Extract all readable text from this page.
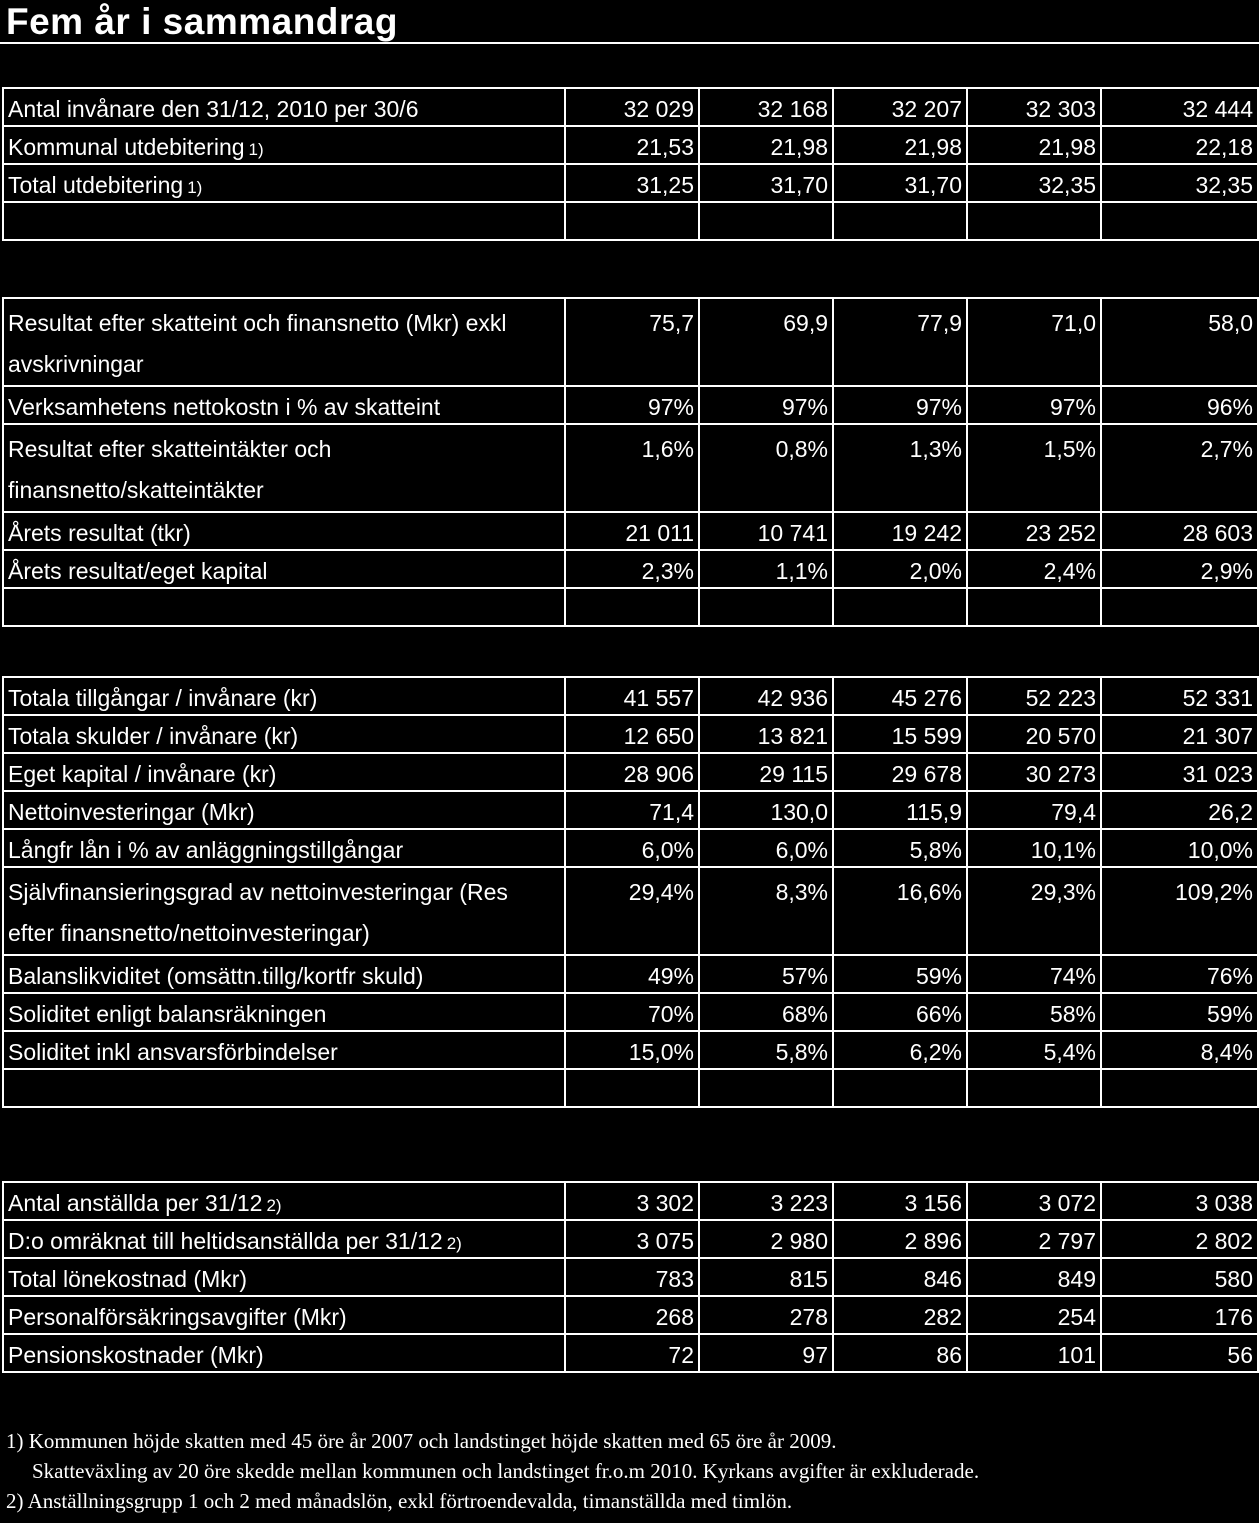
Fem år i sammandrag
Antal invånare den 31/12, 2010 per 30/6	32 029	32 168	32 207	32 303	32 444
Kommunal utdebitering 1)	21,53	21,98	21,98	21,98	22,18
Total utdebitering 1)	31,25	31,70	31,70	32,35	32,35

Resultat efter skatteint och finansnetto (Mkr) exkl avskrivningar	75,7	69,9	77,9	71,0	58,0
Verksamhetens nettokostn i % av skatteint	97%	97%	97%	97%	96%
Resultat efter skatteintäkter och finansnetto/skatteintäkter	1,6%	0,8%	1,3%	1,5%	2,7%
Årets resultat (tkr)	21 011	10 741	19 242	23 252	28 603
Årets resultat/eget kapital	2,3%	1,1%	2,0%	2,4%	2,9%

Totala tillgångar / invånare (kr)	41 557	42 936	45 276	52 223	52 331
Totala skulder / invånare (kr)	12 650	13 821	15 599	20 570	21 307
Eget kapital / invånare (kr)	28 906	29 115	29 678	30 273	31 023
Nettoinvesteringar (Mkr)	71,4	130,0	115,9	79,4	26,2
Långfr lån i % av anläggningstillgångar	6,0%	6,0%	5,8%	10,1%	10,0%
Självfinansieringsgrad av nettoinvesteringar (Res efter finansnetto/nettoinvesteringar)	29,4%	8,3%	16,6%	29,3%	109,2%
Balanslikviditet (omsättn.tillg/kortfr skuld)	49%	57%	59%	74%	76%
Soliditet enligt balansräkningen	70%	68%	66%	58%	59%
Soliditet inkl ansvarsförbindelser	15,0%	5,8%	6,2%	5,4%	8,4%

Antal anställda per 31/12 2)	3 302	3 223	3 156	3 072	3 038
D:o omräknat till heltidsanställda per 31/12 2)	3 075	2 980	2 896	2 797	2 802
Total lönekostnad (Mkr)	783	815	846	849	580
Personalförsäkringsavgifter (Mkr)	268	278	282	254	176
Pensionskostnader (Mkr)	72	97	86	101	56
1) Kommunen höjde skatten med 45 öre år 2007 och landstinget höjde skatten med 65 öre år 2009.
Skatteväxling av 20 öre skedde mellan kommunen och landstinget fr.o.m 2010. Kyrkans avgifter är exkluderade.
2) Anställningsgrupp 1 och 2 med månadslön, exkl förtroendevalda, timanställda med timlön.
